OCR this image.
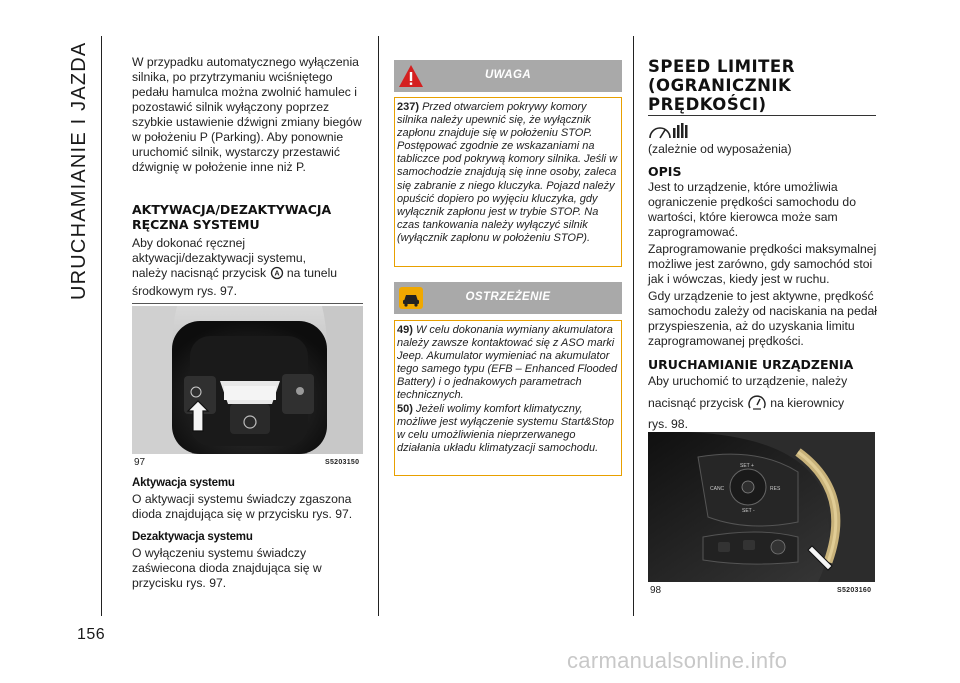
URUCHAMIANIE I JAZDA
156
W przypadku automatycznego wyłączenia silnika, po przytrzymaniu wciśniętego pedału hamulca można zwolnić hamulec i pozostawić silnik wyłączony poprzez szybkie ustawienie dźwigni zmiany biegów w położeniu P (Parking). Aby ponownie uruchomić silnik, wystarczy przestawić dźwignię w położenie inne niż P.
AKTYWACJA/DEZAKTYWACJA
RĘCZNA SYSTEMU
Aby dokonać ręcznej aktywacji/dezaktywacji systemu,
należy nacisnąć przycisk A na tunelu środkowym rys. 97.
97	S5203150
Aktywacja systemu
O aktywacji systemu świadczy zgaszona dioda znajdująca się w przycisku rys. 97.
Dezaktywacja systemu
O wyłączeniu systemu świadczy zaświecona dioda znajdująca się w przycisku rys. 97.
UWAGA
237) Przed otwarciem pokrywy komory silnika należy upewnić się, że wyłącznik zapłonu znajduje się w położeniu STOP. Postępować zgodnie ze wskazaniami na tabliczce pod pokrywą komory silnika. Jeśli w samochodzie znajdują się inne osoby, zaleca się zabranie z niego kluczyka. Pojazd należy opuścić dopiero po wyjęciu kluczyka, gdy wyłącznik zapłonu jest w trybie STOP. Na czas tankowania należy wyłączyć silnik (wyłącznik zapłonu w położeniu STOP).
OSTRZEŻENIE
49) W celu dokonania wymiany akumulatora należy zawsze kontaktować się z ASO marki Jeep. Akumulator wymieniać na akumulator tego samego typu (EFB – Enhanced Flooded Battery) i o jednakowych parametrach technicznych.
50) Jeżeli wolimy komfort klimatyczny, możliwe jest wyłączenie systemu Start&Stop w celu umożliwienia nieprzerwanego działania układu klimatyzacji samochodu.
SPEED LIMITER
(OGRANICZNIK
PRĘDKOŚCI)
(zależnie od wyposażenia)
OPIS
Jest to urządzenie, które umożliwia ograniczenie prędkości samochodu do wartości, które kierowca może sam zaprogramować.
Zaprogramowanie prędkości maksymalnej możliwe jest zarówno, gdy samochód stoi jak i wówczas, kiedy jest w ruchu.
Gdy urządzenie to jest aktywne, prędkość samochodu zależy od naciskania na pedał przyspieszenia, aż do uzyskania limitu zaprogramowanej prędkości.
URUCHAMIANIE URZĄDZENIA
Aby uruchomić to urządzenie, należy
nacisnąć przycisk na kierownicy
rys. 98.
SET +
CANC	RES
SET -
98	S5203160
carmanualsonline.info
